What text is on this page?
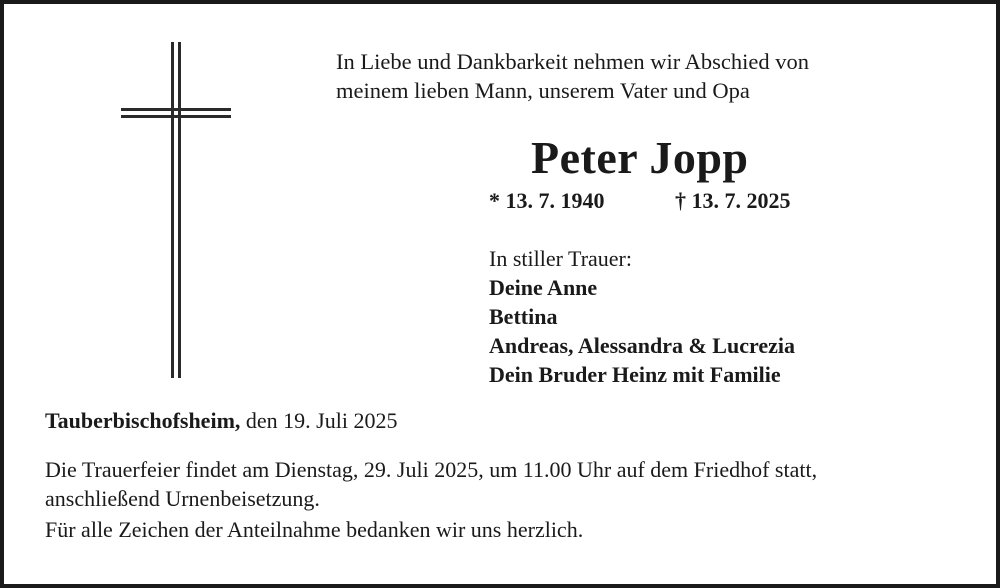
In Liebe und Dankbarkeit nehmen wir Abschied von
meinem lieben Mann, unserem Vater und Opa

Peter Jopp

* 13. 7. 1940	† 13. 7. 2025

In stiller Trauer:
Deine Anne
Bettina
Andreas, Alessandra & Lucrezia
Dein Bruder Heinz mit Familie

Tauberbischofsheim, den 19. Juli 2025

Die Trauerfeier findet am Dienstag, 29. Juli 2025, um 11.00 Uhr auf dem Friedhof statt,
anschließend Urnenbeisetzung.

Für alle Zeichen der Anteilnahme bedanken wir uns herzlich.
